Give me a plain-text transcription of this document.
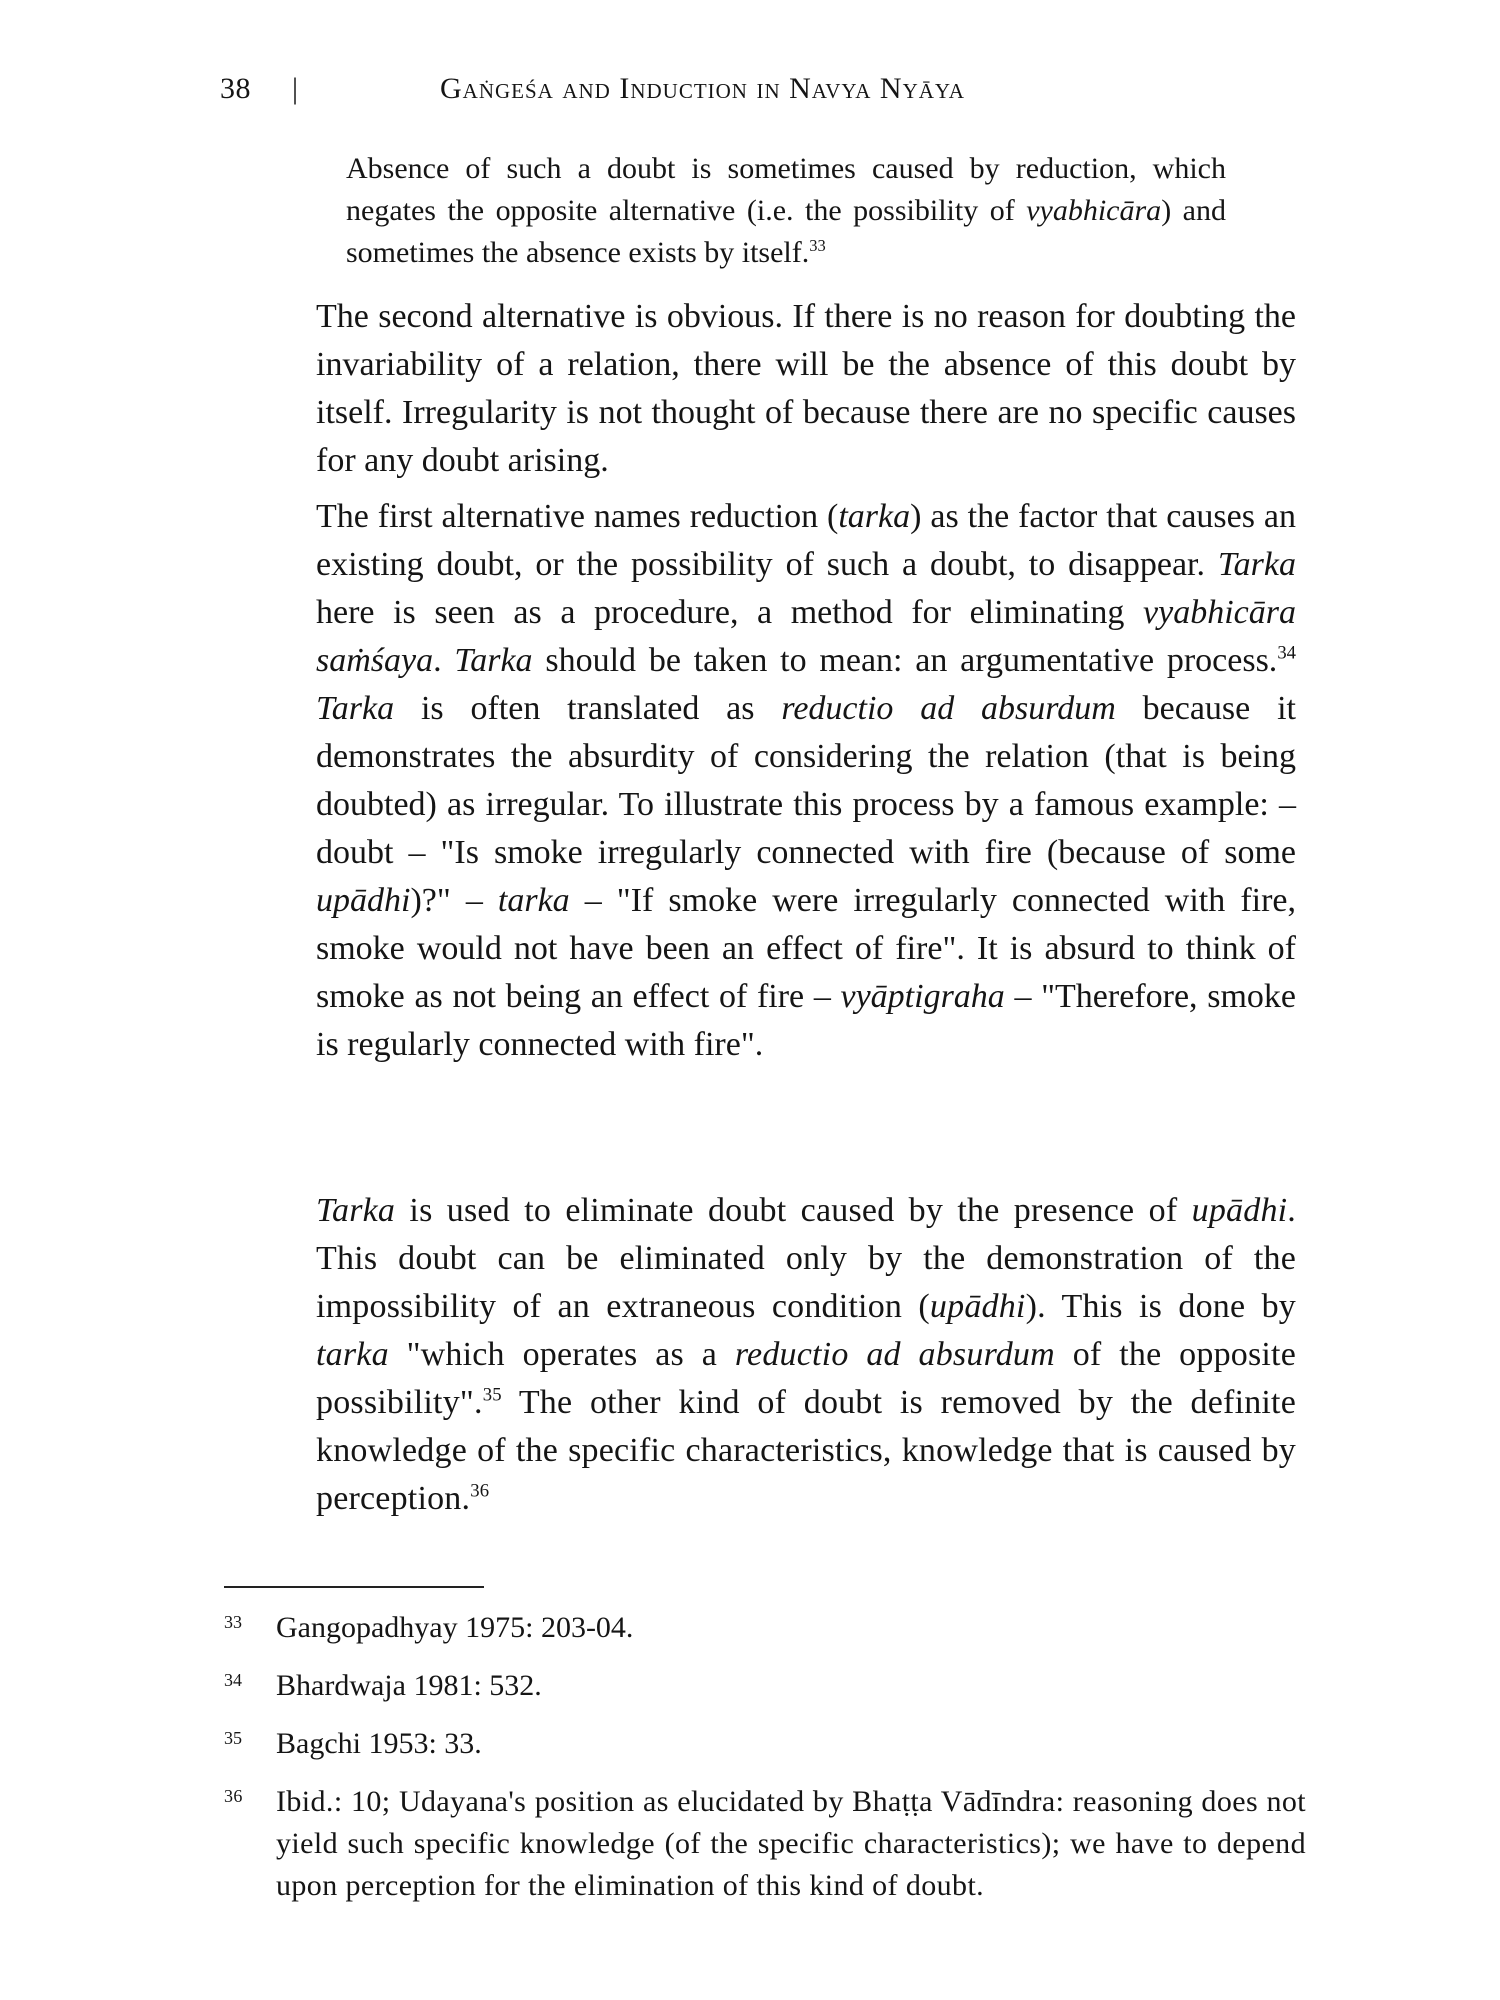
38 |	Gaṅgeśa and Induction in Navya Nyāya
Absence of such a doubt is sometimes caused by reduction, which negates the opposite alternative (i.e. the possibility of vyabhicāra) and sometimes the absence exists by itself.$^{33}$
The second alternative is obvious. If there is no reason for doubting the invariability of a relation, there will be the absence of this doubt by itself. Irregularity is not thought of because there are no specific causes for any doubt arising.
The first alternative names reduction (tarka) as the factor that causes an existing doubt, or the possibility of such a doubt, to disappear. Tarka here is seen as a procedure, a method for eliminating vyabhicāra saṁśaya. Tarka should be taken to mean: an argumentative process.$^{34}$ Tarka is often translated as reductio ad absurdum because it demonstrates the absurdity of considering the relation (that is being doubted) as irregular. To illustrate this process by a famous example: – doubt – "Is smoke irregularly connected with fire (because of some upādhi)?" – tarka – "If smoke were irregularly connected with fire, smoke would not have been an effect of fire". It is absurd to think of smoke as not being an effect of fire – vyāptigraha – "Therefore, smoke is regularly connected with fire".
Tarka is used to eliminate doubt caused by the presence of upādhi. This doubt can be eliminated only by the demonstration of the impossibility of an extraneous condition (upādhi). This is done by tarka "which operates as a reductio ad absurdum of the opposite possibility".$^{35}$ The other kind of doubt is removed by the definite knowledge of the specific characteristics, knowledge that is caused by perception.$^{36}$
33 Gangopadhyay 1975: 203-04.
34 Bhardwaja 1981: 532.
35 Bagchi 1953: 33.
36 Ibid.: 10; Udayana's position as elucidated by Bhaṭṭa Vādīndra: reasoning does not yield such specific knowledge (of the specific characteristics); we have to depend upon perception for the elimination of this kind of doubt.
